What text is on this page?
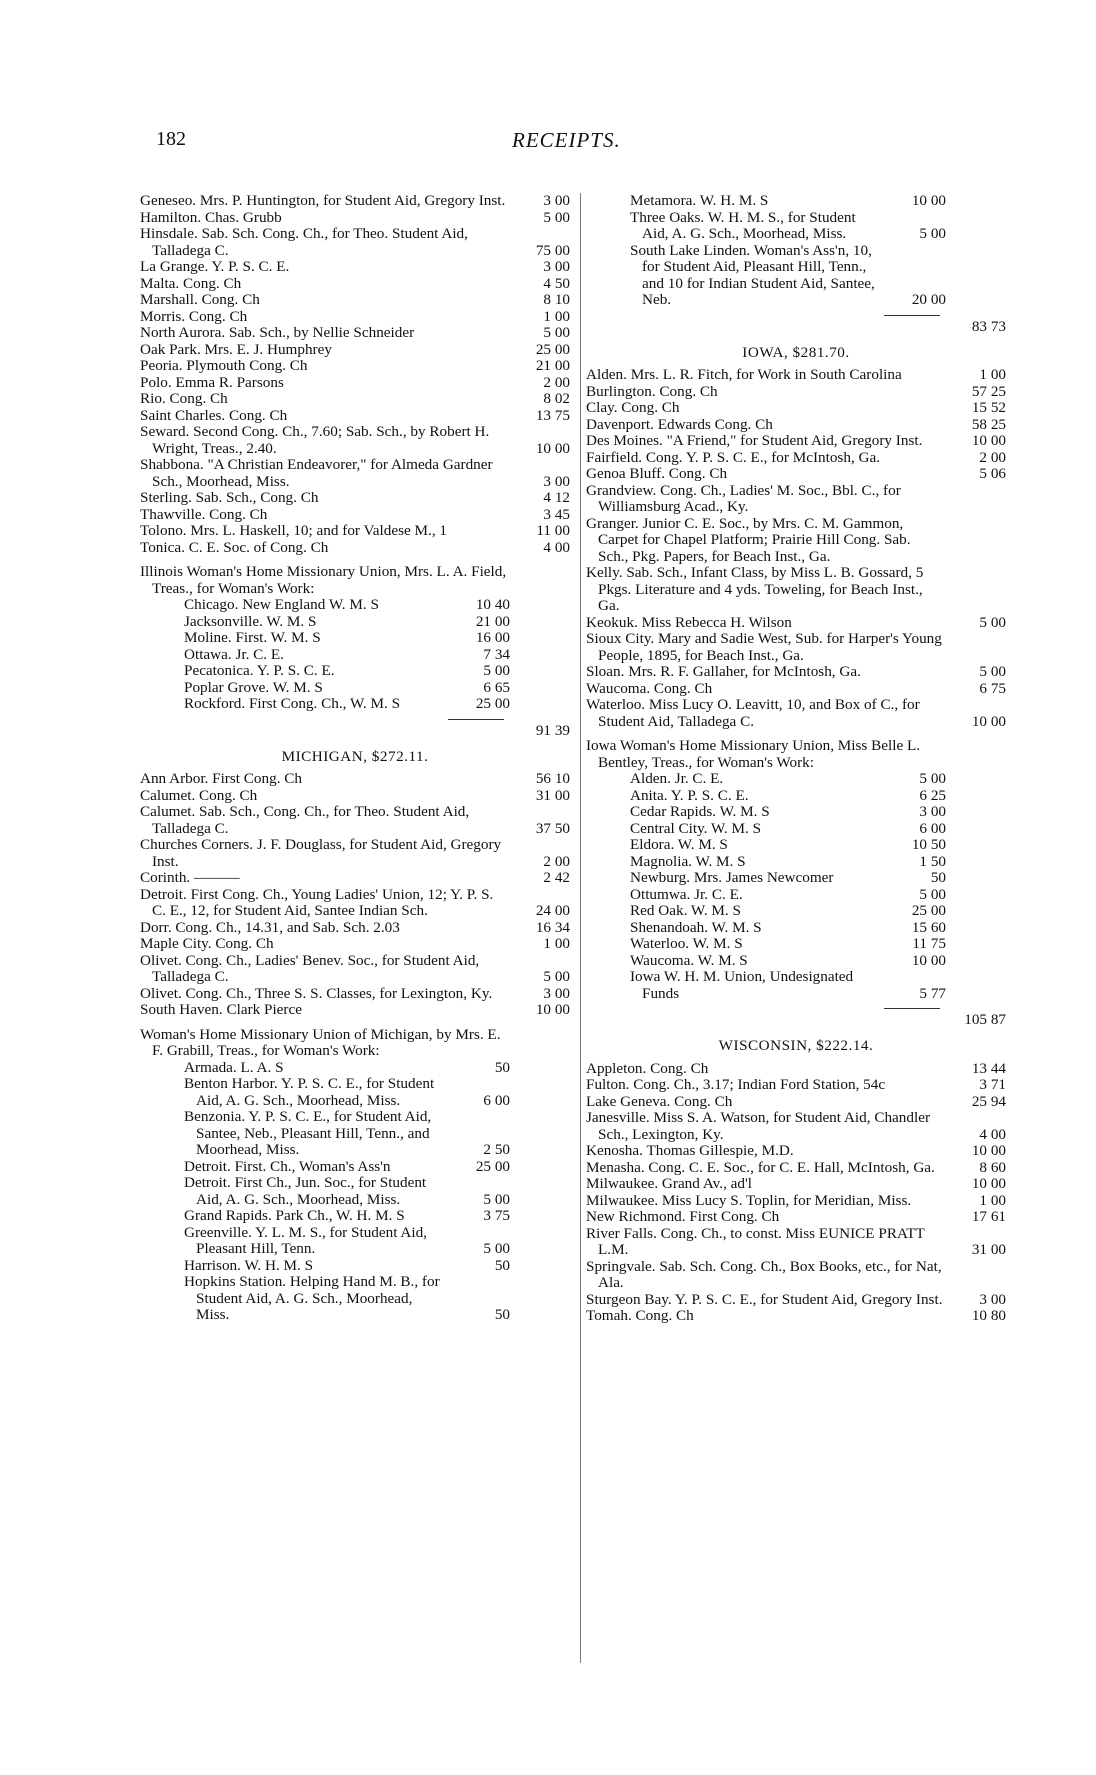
182	RECEIPTS.
Geneseo. Mrs. P. Huntington, for Student Aid, Gregory Inst.	3 00
Hamilton. Chas. Grubb	5 00
Hinsdale. Sab. Sch. Cong. Ch., for Theo. Student Aid, Talladega C.	75 00
La Grange. Y. P. S. C. E.	3 00
Malta. Cong. Ch	4 50
Marshall. Cong. Ch	8 10
Morris. Cong. Ch	1 00
North Aurora. Sab. Sch., by Nellie Schneider	5 00
Oak Park. Mrs. E. J. Humphrey	25 00
Peoria. Plymouth Cong. Ch	21 00
Polo. Emma R. Parsons	2 00
Rio. Cong. Ch	8 02
Saint Charles. Cong. Ch	13 75
Seward. Second Cong. Ch., 7.60; Sab. Sch., by Robert H. Wright, Treas., 2.40.	10 00
Shabbona. "A Christian Endeavorer," for Almeda Gardner Sch., Moorhead, Miss.	3 00
Sterling. Sab. Sch., Cong. Ch	4 12
Thawville. Cong. Ch	3 45
Tolono. Mrs. L. Haskell, 10; and for Valdese M., 1	11 00
Tonica. C. E. Soc. of Cong. Ch	4 00
Illinois Woman's Home Missionary Union, Mrs. L. A. Field, Treas., for Woman's Work:
Chicago. New England W. M. S	10 40
Jacksonville. W. M. S	21 00
Moline. First. W. M. S	16 00
Ottawa. Jr. C. E.	7 34
Pecatonica. Y. P. S. C. E.	5 00
Poplar Grove. W. M. S	6 65
Rockford. First Cong. Ch., W. M. S	25 00
91 39
MICHIGAN, $272.11.
Ann Arbor. First Cong. Ch	56 10
Calumet. Cong. Ch	31 00
Calumet. Sab. Sch., Cong. Ch., for Theo. Student Aid, Talladega C.	37 50
Churches Corners. J. F. Douglass, for Student Aid, Gregory Inst.	2 00
Corinth. ———	2 42
Detroit. First Cong. Ch., Young Ladies' Union, 12; Y. P. S. C. E., 12, for Student Aid, Santee Indian Sch.	24 00
Dorr. Cong. Ch., 14.31, and Sab. Sch. 2.03	16 34
Maple City. Cong. Ch	1 00
Olivet. Cong. Ch., Ladies' Benev. Soc., for Student Aid, Talladega C.	5 00
Olivet. Cong. Ch., Three S. S. Classes, for Lexington, Ky.	3 00
South Haven. Clark Pierce	10 00
Woman's Home Missionary Union of Michigan, by Mrs. E. F. Grabill, Treas., for Woman's Work:
Armada. L. A. S	50
Benton Harbor. Y. P. S. C. E., for Student Aid, A. G. Sch., Moorhead, Miss.	6 00
Benzonia. Y. P. S. C. E., for Student Aid, Santee, Neb., Pleasant Hill, Tenn., and Moorhead, Miss.	2 50
Detroit. First. Ch., Woman's Ass'n	25 00
Detroit. First Ch., Jun. Soc., for Student Aid, A. G. Sch., Moorhead, Miss.	5 00
Grand Rapids. Park Ch., W. H. M. S	3 75
Greenville. Y. L. M. S., for Student Aid, Pleasant Hill, Tenn.	5 00
Harrison. W. H. M. S	50
Hopkins Station. Helping Hand M. B., for Student Aid, A. G. Sch., Moorhead, Miss.	50
Metamora. W. H. M. S	10 00
Three Oaks. W. H. M. S., for Student Aid, A. G. Sch., Moorhead, Miss.	5 00
South Lake Linden. Woman's Ass'n, 10, for Student Aid, Pleasant Hill, Tenn., and 10 for Indian Student Aid, Santee, Neb.	20 00
83 73
IOWA, $281.70.
Alden. Mrs. L. R. Fitch, for Work in South Carolina	1 00
Burlington. Cong. Ch	57 25
Clay. Cong. Ch	15 52
Davenport. Edwards Cong. Ch	58 25
Des Moines. "A Friend," for Student Aid, Gregory Inst.	10 00
Fairfield. Cong. Y. P. S. C. E., for McIntosh, Ga.	2 00
Genoa Bluff. Cong. Ch	5 06
Grandview. Cong. Ch., Ladies' M. Soc., Bbl. C., for Williamsburg Acad., Ky.
Granger. Junior C. E. Soc., by Mrs. C. M. Gammon, Carpet for Chapel Platform; Prairie Hill Cong. Sab. Sch., Pkg. Papers, for Beach Inst., Ga.
Kelly. Sab. Sch., Infant Class, by Miss L. B. Gossard, 5 Pkgs. Literature and 4 yds. Toweling, for Beach Inst., Ga.
Keokuk. Miss Rebecca H. Wilson	5 00
Sioux City. Mary and Sadie West, Sub. for Harper's Young People, 1895, for Beach Inst., Ga.
Sloan. Mrs. R. F. Gallaher, for McIntosh, Ga.	5 00
Waucoma. Cong. Ch	6 75
Waterloo. Miss Lucy O. Leavitt, 10, and Box of C., for Student Aid, Talladega C.	10 00
Iowa Woman's Home Missionary Union, Miss Belle L. Bentley, Treas., for Woman's Work:
Alden. Jr. C. E.	5 00
Anita. Y. P. S. C. E.	6 25
Cedar Rapids. W. M. S	3 00
Central City. W. M. S	6 00
Eldora. W. M. S	10 50
Magnolia. W. M. S	1 50
Newburg. Mrs. James Newcomer	50
Ottumwa. Jr. C. E.	5 00
Red Oak. W. M. S	25 00
Shenandoah. W. M. S	15 60
Waterloo. W. M. S	11 75
Waucoma. W. M. S	10 00
Iowa W. H. M. Union, Undesignated Funds	5 77
105 87
WISCONSIN, $222.14.
Appleton. Cong. Ch	13 44
Fulton. Cong. Ch., 3.17; Indian Ford Station, 54c	3 71
Lake Geneva. Cong. Ch	25 94
Janesville. Miss S. A. Watson, for Student Aid, Chandler Sch., Lexington, Ky.	4 00
Kenosha. Thomas Gillespie, M.D.	10 00
Menasha. Cong. C. E. Soc., for C. E. Hall, McIntosh, Ga.	8 60
Milwaukee. Grand Av., ad'l	10 00
Milwaukee. Miss Lucy S. Toplin, for Meridian, Miss.	1 00
New Richmond. First Cong. Ch	17 61
River Falls. Cong. Ch., to const. Miss EUNICE PRATT L.M.	31 00
Springvale. Sab. Sch. Cong. Ch., Box Books, etc., for Nat, Ala.
Sturgeon Bay. Y. P. S. C. E., for Student Aid, Gregory Inst.	3 00
Tomah. Cong. Ch	10 80
